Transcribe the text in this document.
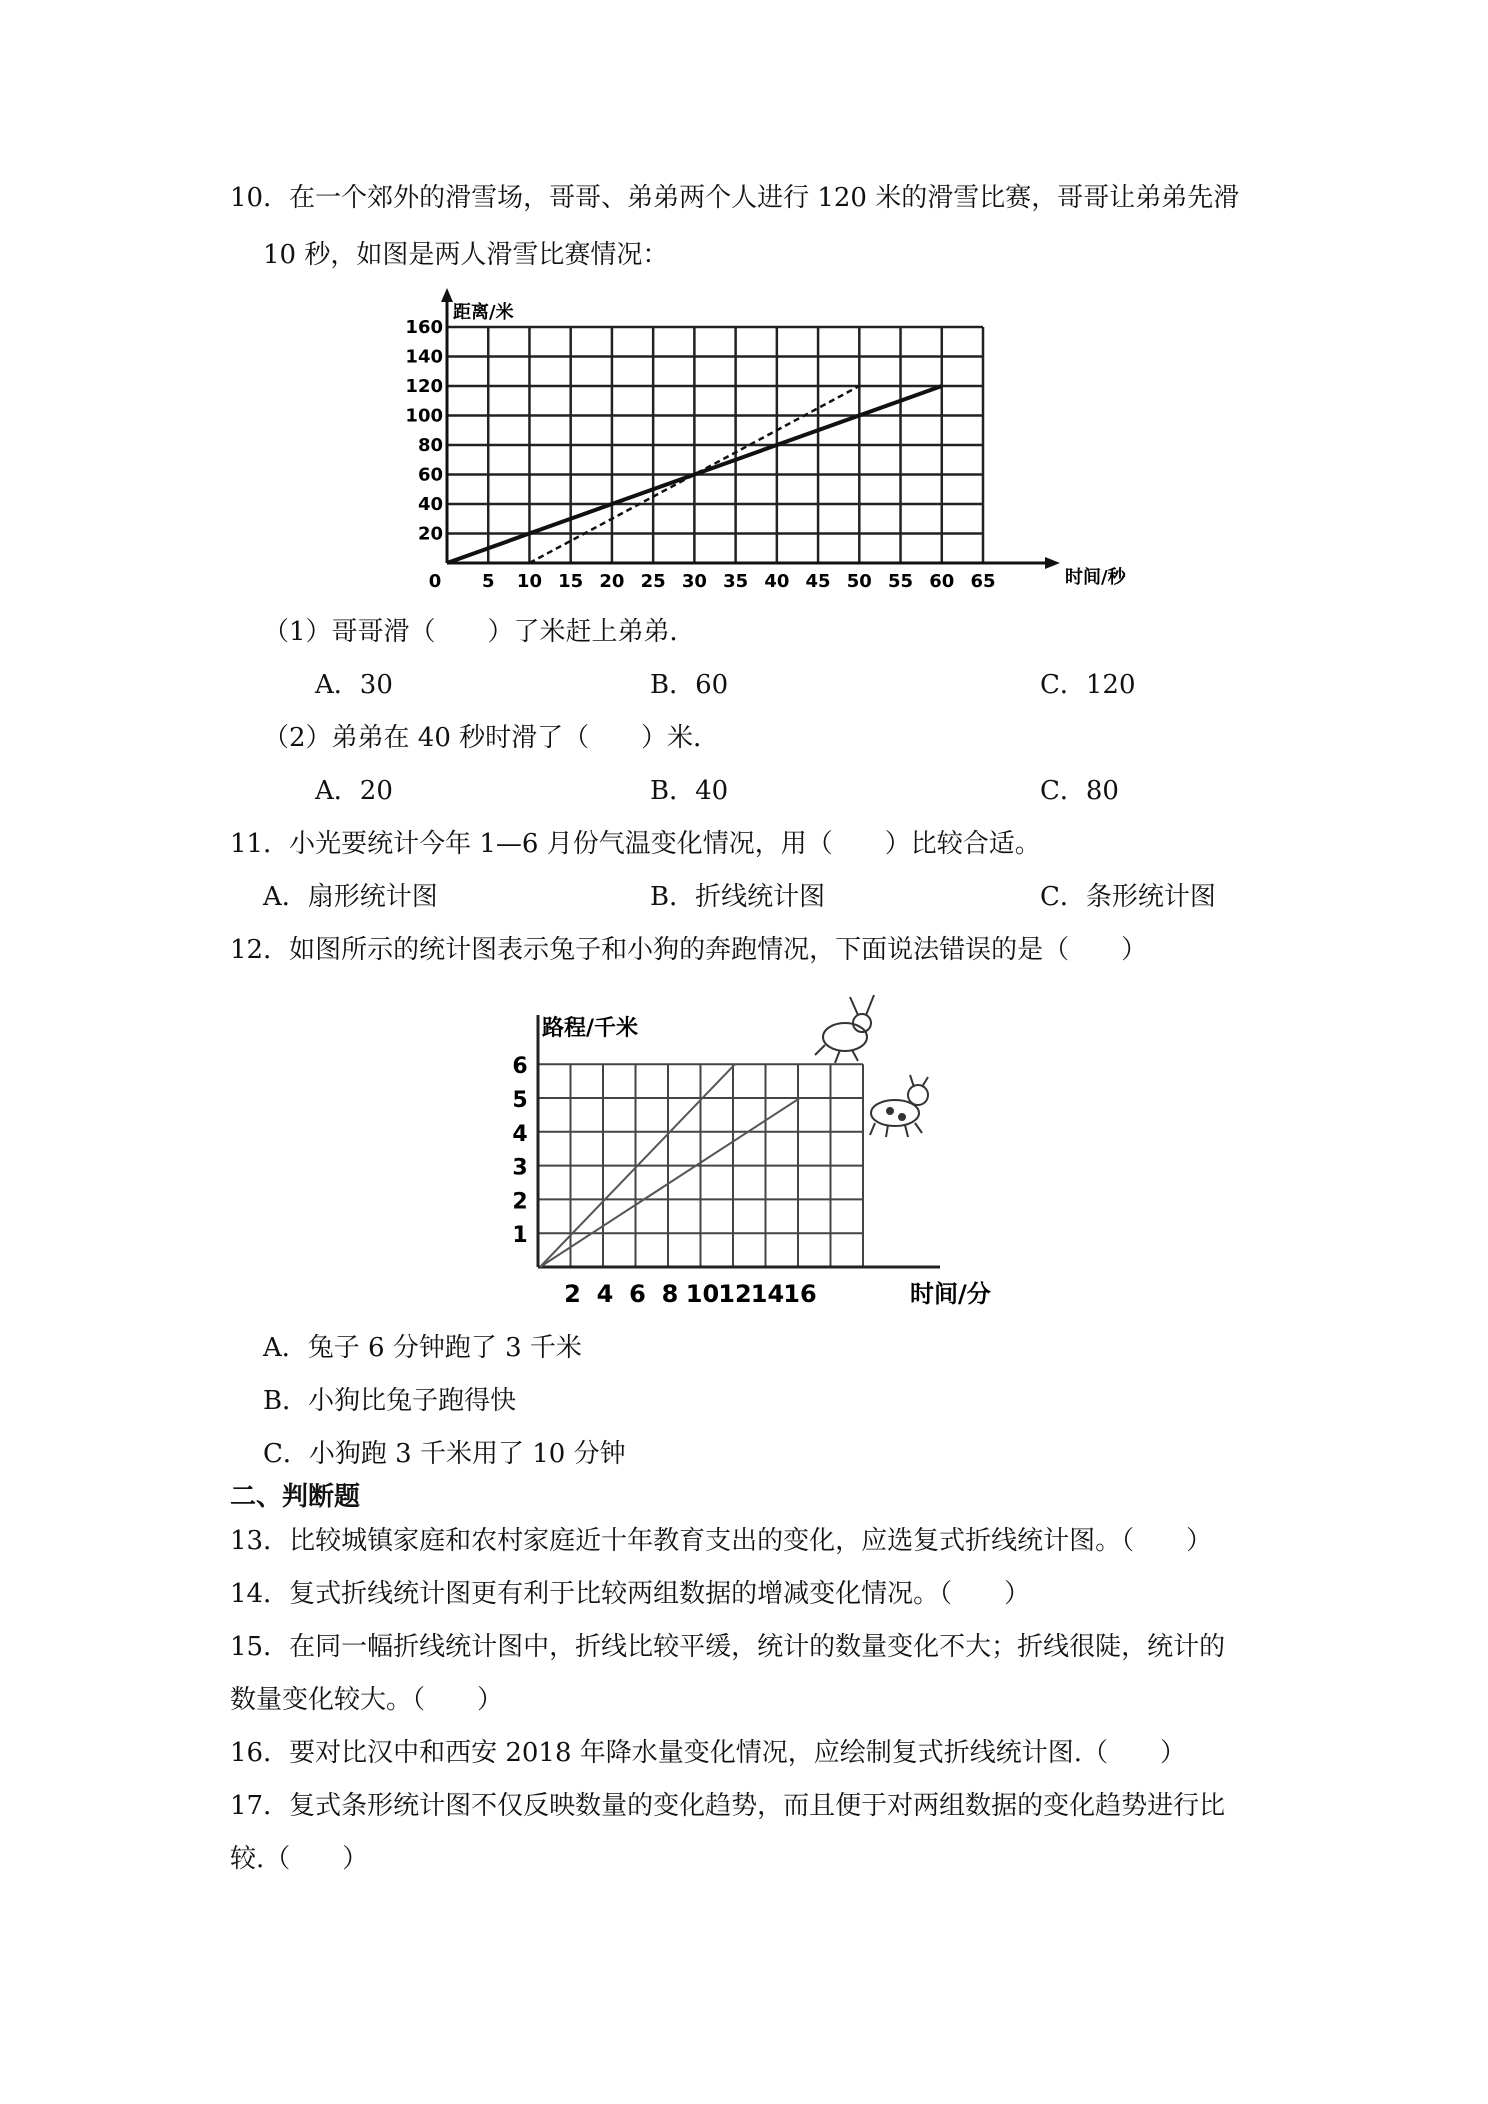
10．在一个郊外的滑雪场，哥哥、弟弟两个人进行 120 米的滑雪比赛，哥哥让弟弟先滑
10 秒，如图是两人滑雪比赛情况：
0 5 10 15 20 25 30 35 40 45 50 55 60 65
20
40
60
80
100
120
140
160
距离/米
时间/秒
（1）哥哥滑（　　）了米赶上弟弟．
A．30	B．60	C．120
（2）弟弟在 40 秒时滑了（　　）米．
A．20	B．40	C．80
11．小光要统计今年 1—6 月份气温变化情况，用（　　）比较合适。
A．扇形统计图	B．折线统计图	C．条形统计图
12．如图所示的统计图表示兔子和小狗的奔跑情况，下面说法错误的是（　　）
2 4 6 8 10 12 14 16
1
2
3
4
5
6
路程/千米
时间/分
A．兔子 6 分钟跑了 3 千米
B．小狗比兔子跑得快
C．小狗跑 3 千米用了 10 分钟
二、判断题
13．比较城镇家庭和农村家庭近十年教育支出的变化，应选复式折线统计图。（　　）
14．复式折线统计图更有利于比较两组数据的增减变化情况。（　　）
15．在同一幅折线统计图中，折线比较平缓，统计的数量变化不大；折线很陡，统计的
数量变化较大。（　　）
16．要对比汉中和西安 2018 年降水量变化情况，应绘制复式折线统计图.（　　）
17．复式条形统计图不仅反映数量的变化趋势，而且便于对两组数据的变化趋势进行比
较.（　　）
